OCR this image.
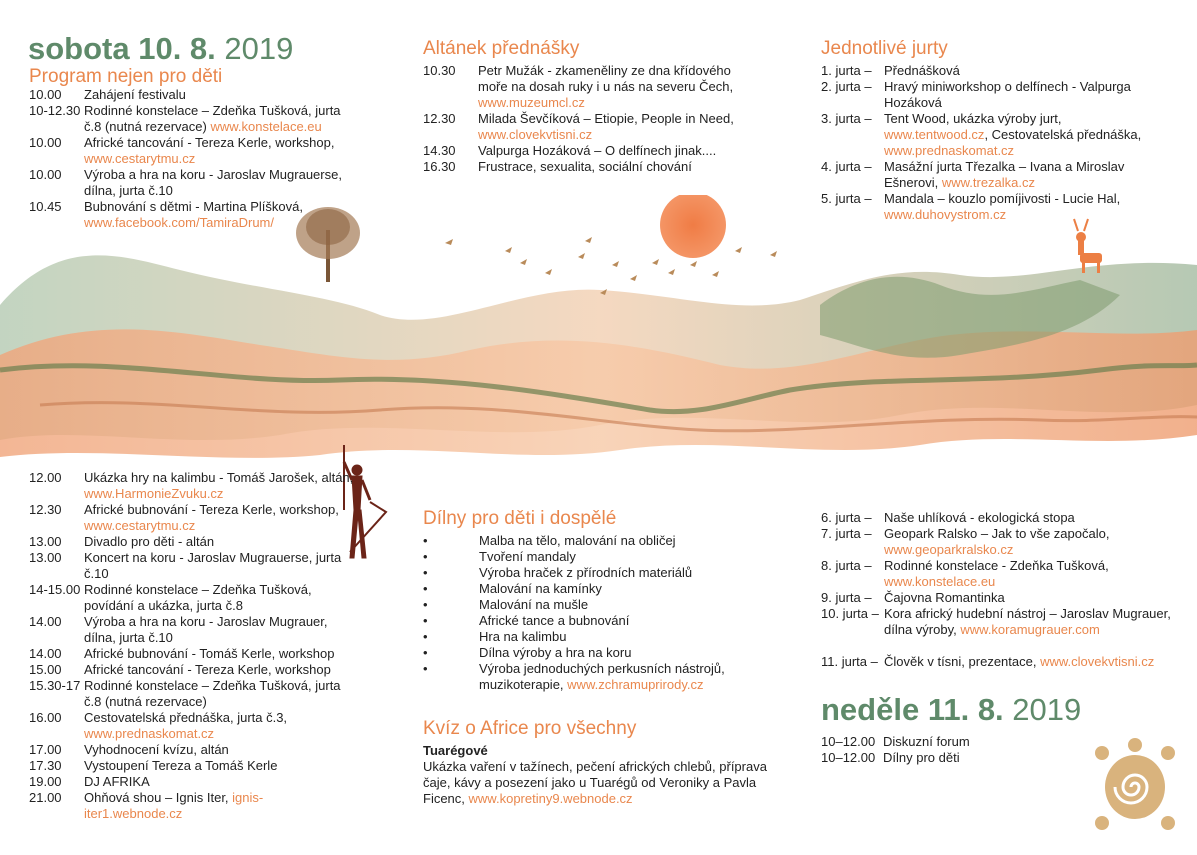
sobota 10. 8. 2019
Program nejen pro děti
10.00 Zahájení festivalu
10-12.30 Rodinné konstelace – Zdeňka Tušková, jurta č.8 (nutná rezervace) www.konstelace.eu
10.00 Africké tancování - Tereza Kerle, workshop, www.cestarytmu.cz
10.00 Výroba a hra na koru - Jaroslav Mugrauerse, dílna, jurta č.10
10.45 Bubnování s dětmi - Martina Plíšková, www.facebook.com/TamiraDrum/
12.00 Ukázka hry na kalimbu - Tomáš Jarošek, altán, www.HarmonieZvuku.cz
12.30 Africké bubnování - Tereza Kerle, workshop, www.cestarytmu.cz
13.00 Divadlo pro děti - altán
13.00 Koncert na koru - Jaroslav Mugrauerse, jurta č.10
14-15.00 Rodinné konstelace – Zdeňka Tušková, povídání a ukázka, jurta č.8
14.00 Výroba a hra na koru - Jaroslav Mugrauer, dílna, jurta č.10
14.00 Africké bubnování - Tomáš Kerle, workshop
15.00 Africké tancování - Tereza Kerle, workshop
15.30-17 Rodinné konstelace – Zdeňka Tušková, jurta č.8 (nutná rezervace)
16.00 Cestovatelská přednáška, jurta č.3, www.prednaskomat.cz
17.00 Vyhodnocení kvízu, altán
17.30 Vystoupení Tereza a Tomáš Kerle
19.00 DJ AFRIKA
21.00 Ohňová shou – Ignis Iter, ignis-iter1.webnode.cz
Altánek přednášky
10.30 Petr Mužák - zkameněliny ze dna křídového moře na dosah ruky i u nás na severu Čech, www.muzeumcl.cz
12.30 Milada Ševčíková – Etiopie, People in Need, www.clovekvtisni.cz
14.30 Valpurga Hozáková – O delfínech jinak....
16.30 Frustrace, sexualita, sociální chování
Dílny pro děti i dospělé
•	Malba na tělo, malování na obličej
•	Tvoření mandaly
•	Výroba hraček z přírodních materiálů
•	Malování na kamínky
•	Malování na mušle
•	Africké tance a bubnování
•	Hra na kalimbu
•	Dílna výroby a hra na koru
•	Výroba jednoduchých perkusních nástrojů, muzikoterapie, www.zchramuprirody.cz
Kvíz o Africe pro všechny
Tuarégové
Ukázka vaření v tažínech, pečení afrických chlebů, příprava čaje, kávy a posezení jako u Tuarégů od Veroniky a Pavla Ficenc, www.kopretiny9.webnode.cz
Jednotlivé jurty
1. jurta – Přednášková
2. jurta – Hravý miniworkshop o delfínech - Valpurga Hozáková
3. jurta – Tent Wood, ukázka výroby jurt, www.tentwood.cz, Cestovatelská přednáška, www.prednaskomat.cz
4. jurta – Masážní jurta Třezalka – Ivana a Miroslav Ešnerovi, www.trezalka.cz
5. jurta – Mandala – kouzlo pomíjivosti - Lucie Hal, www.duhovystrom.cz
6. jurta – Naše uhlíková - ekologická stopa
7. jurta – Geopark Ralsko – Jak to vše započalo, www.geoparkralsko.cz
8. jurta – Rodinné konstelace - Zdeňka Tušková, www.konstelace.eu
9. jurta – Čajovna Romantinka
10. jurta – Kora africký hudební nástroj – Jaroslav Mugrauer, dílna výroby, www.koramugrauer.com
11. jurta – Člověk v tísni, prezentace, www.clovekvtisni.cz
neděle 11. 8. 2019
10–12.00 Diskuzní forum
10–12.00 Dílny pro děti
